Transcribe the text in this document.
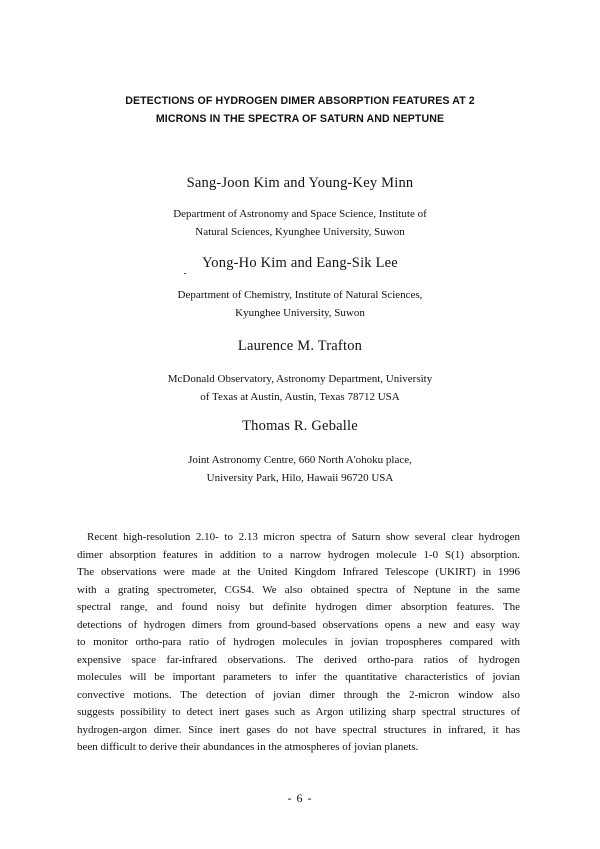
DETECTIONS OF HYDROGEN DIMER ABSORPTION FEATURES AT 2
MICRONS IN THE SPECTRA OF SATURN AND NEPTUNE
Sang-Joon Kim and Young-Key Minn
Department of Astronomy and Space Science, Institute of
Natural Sciences, Kyunghee University, Suwon
Yong-Ho Kim and Eang-Sik Lee
Department of Chemistry, Institute of Natural Sciences,
Kyunghee University, Suwon
Laurence M. Trafton
McDonald Observatory, Astronomy Department, University
of Texas at Austin, Austin, Texas 78712 USA
Thomas R. Geballe
Joint Astronomy Centre, 660 North A'ohoku place,
University Park, Hilo, Hawaii 96720 USA
Recent high-resolution 2.10- to 2.13 micron spectra of Saturn show several clear hydrogen
dimer absorption features in addition to a narrow hydrogen molecule 1-0 S(1) absorption.
The observations were made at the United Kingdom Infrared Telescope (UKIRT) in 1996
with a grating spectrometer, CGS4. We also obtained spectra of Neptune in the same
spectral range, and found noisy but definite hydrogen dimer absorption features. The
detections of hydrogen dimers from ground-based observations opens a new and easy way
to monitor ortho-para ratio of hydrogen molecules in jovian tropospheres compared with
expensive space far-infrared observations. The derived ortho-para ratios of hydrogen
molecules will be important parameters to infer the quantitative characteristics of jovian
convective motions. The detection of jovian dimer through the 2-micron window also
suggests possibility to detect inert gases such as Argon utilizing sharp spectral structures of
hydrogen-argon dimer. Since inert gases do not have spectral structures in infrared, it has
been difficult to derive their abundances in the atmospheres of jovian planets.
- 6 -
